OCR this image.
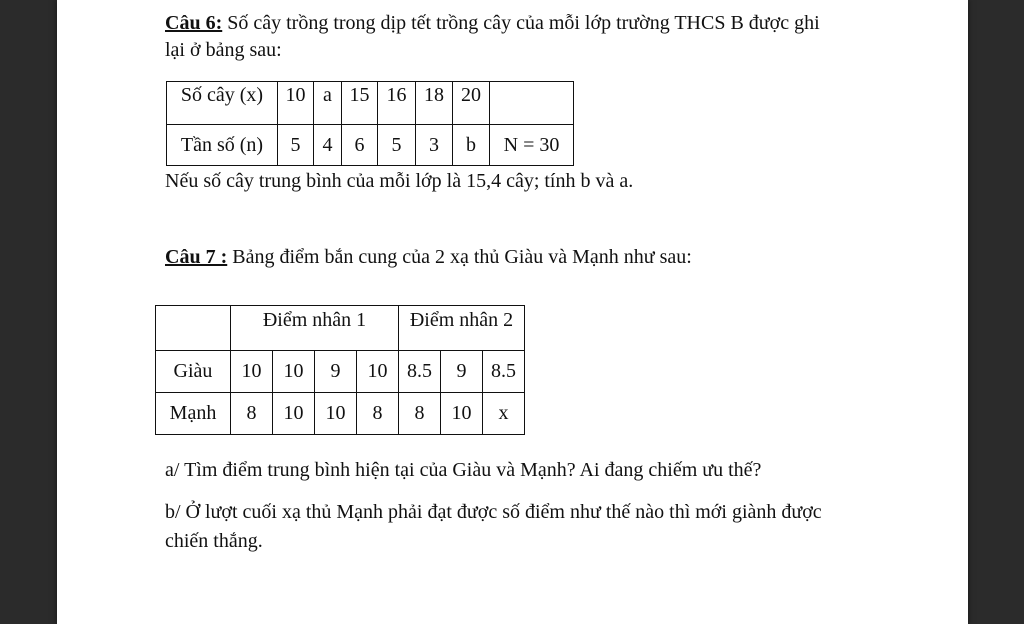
Câu 6: Số cây trồng trong dịp tết trồng cây của mỗi lớp trường THCS B được ghi
lại ở bảng sau:
Số cây (x)	10	a	15	16	18	20	
Tần số (n)	5	4	6	5	3	b	N = 30
Nếu số cây trung bình của mỗi lớp là 15,4 cây; tính b và a.
Câu 7 : Bảng điểm bắn cung của 2 xạ thủ Giàu và Mạnh như sau:
	Điểm nhân 1				Điểm nhân 2		
Giàu	10	10	9	10	8.5	9	8.5
Mạnh	8	10	10	8	8	10	x
a/ Tìm điểm trung bình hiện tại của Giàu và Mạnh? Ai đang chiếm ưu thế?
b/ Ở lượt cuối xạ thủ Mạnh phải đạt được số điểm như thế nào thì mới giành được
chiến thắng.
